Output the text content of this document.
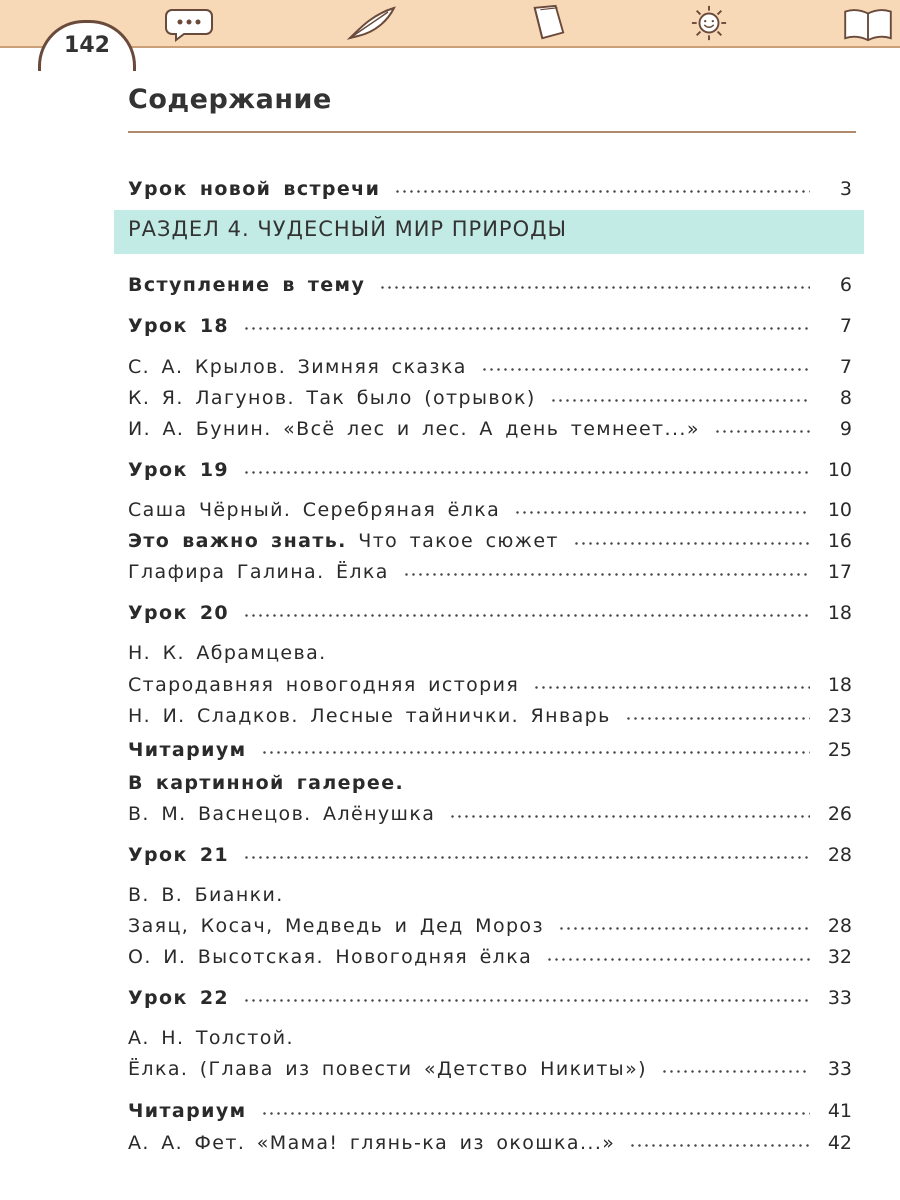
142
Содержание
Урок новой встречи	3
РАЗДЕЛ 4. ЧУДЕСНЫЙ МИР ПРИРОДЫ
Вступление в тему	6
Урок 18	7
С. А. Крылов. Зимняя сказка	7
К. Я. Лагунов. Так было (отрывок)	8
И. А. Бунин. «Всё лес и лес. А день темнеет...»	9
Урок 19	10
Саша Чёрный. Серебряная ёлка	10
Это важно знать. Что такое сюжет	16
Глафира Галина. Ёлка	17
Урок 20	18
Н. К. Абрамцева.
Стародавняя новогодняя история	18
Н. И. Сладков. Лесные тайнички. Январь	23
Читариум	25
В картинной галерее.
В. М. Васнецов. Алёнушка	26
Урок 21	28
В. В. Бианки.
Заяц, Косач, Медведь и Дед Мороз	28
О. И. Высотская. Новогодняя ёлка	32
Урок 22	33
А. Н. Толстой.
Ёлка. (Глава из повести «Детство Никиты»)	33
Читариум	41
А. А. Фет. «Мама! глянь-ка из окошка...»	42
